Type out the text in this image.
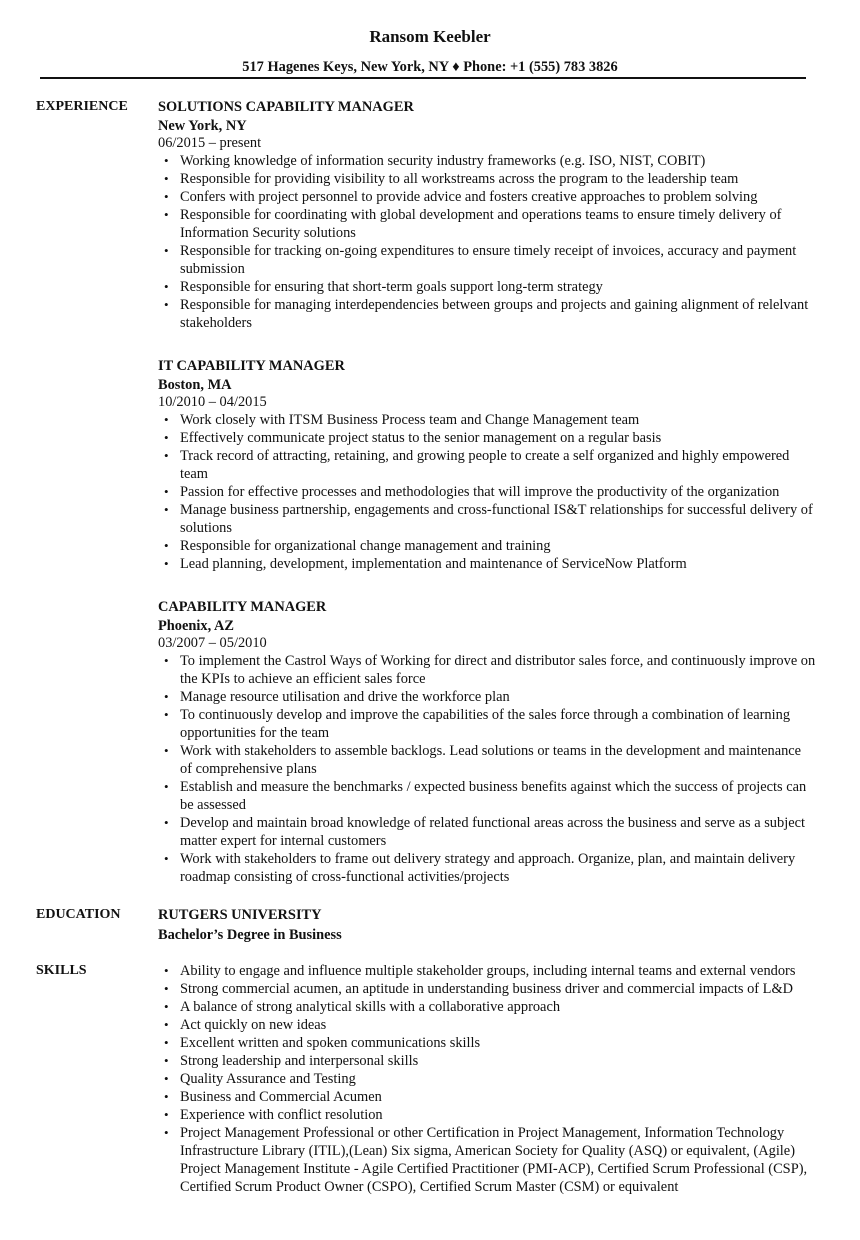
Ransom Keebler
517 Hagenes Keys, New York, NY ♦ Phone: +1 (555) 783 3826
EXPERIENCE SOLUTIONS CAPABILITY MANAGER
New York, NY
06/2015 – present
• Working knowledge of information security industry frameworks (e.g. ISO, NIST, COBIT)
• Responsible for providing visibility to all workstreams across the program to the leadership team
• Confers with project personnel to provide advice and fosters creative approaches to problem solving
• Responsible for coordinating with global development and operations teams to ensure timely delivery of Information Security solutions
• Responsible for tracking on-going expenditures to ensure timely receipt of invoices, accuracy and payment submission
• Responsible for ensuring that short-term goals support long-term strategy
• Responsible for managing interdependencies between groups and projects and gaining alignment of relelvant stakeholders
IT CAPABILITY MANAGER
Boston, MA
10/2010 – 04/2015
• Work closely with ITSM Business Process team and Change Management team
• Effectively communicate project status to the senior management on a regular basis
• Track record of attracting, retaining, and growing people to create a self organized and highly empowered team
• Passion for effective processes and methodologies that will improve the productivity of the organization
• Manage business partnership, engagements and cross-functional IS&T relationships for successful delivery of solutions
• Responsible for organizational change management and training
• Lead planning, development, implementation and maintenance of ServiceNow Platform
CAPABILITY MANAGER
Phoenix, AZ
03/2007 – 05/2010
• To implement the Castrol Ways of Working for direct and distributor sales force, and continuously improve on the KPIs to achieve an efficient sales force
• Manage resource utilisation and drive the workforce plan
• To continuously develop and improve the capabilities of the sales force through a combination of learning opportunities for the team
• Work with stakeholders to assemble backlogs. Lead solutions or teams in the development and maintenance of comprehensive plans
• Establish and measure the benchmarks / expected business benefits against which the success of projects can be assessed
• Develop and maintain broad knowledge of related functional areas across the business and serve as a subject matter expert for internal customers
• Work with stakeholders to frame out delivery strategy and approach. Organize, plan, and maintain delivery roadmap consisting of cross-functional activities/projects
EDUCATION	RUTGERS UNIVERSITY
Bachelor’s Degree in Business
SKILLS	• Ability to engage and influence multiple stakeholder groups, including internal teams and external vendors
• Strong commercial acumen, an aptitude in understanding business driver and commercial impacts of L&D
• A balance of strong analytical skills with a collaborative approach
• Act quickly on new ideas
• Excellent written and spoken communications skills
• Strong leadership and interpersonal skills
• Quality Assurance and Testing
• Business and Commercial Acumen
• Experience with conflict resolution
• Project Management Professional or other Certification in Project Management, Information Technology Infrastructure Library (ITIL),(Lean) Six sigma, American Society for Quality (ASQ) or equivalent, (Agile) Project Management Institute - Agile Certified Practitioner (PMI-ACP), Certified Scrum Professional (CSP), Certified Scrum Product Owner (CSPO), Certified Scrum Master (CSM) or equivalent
